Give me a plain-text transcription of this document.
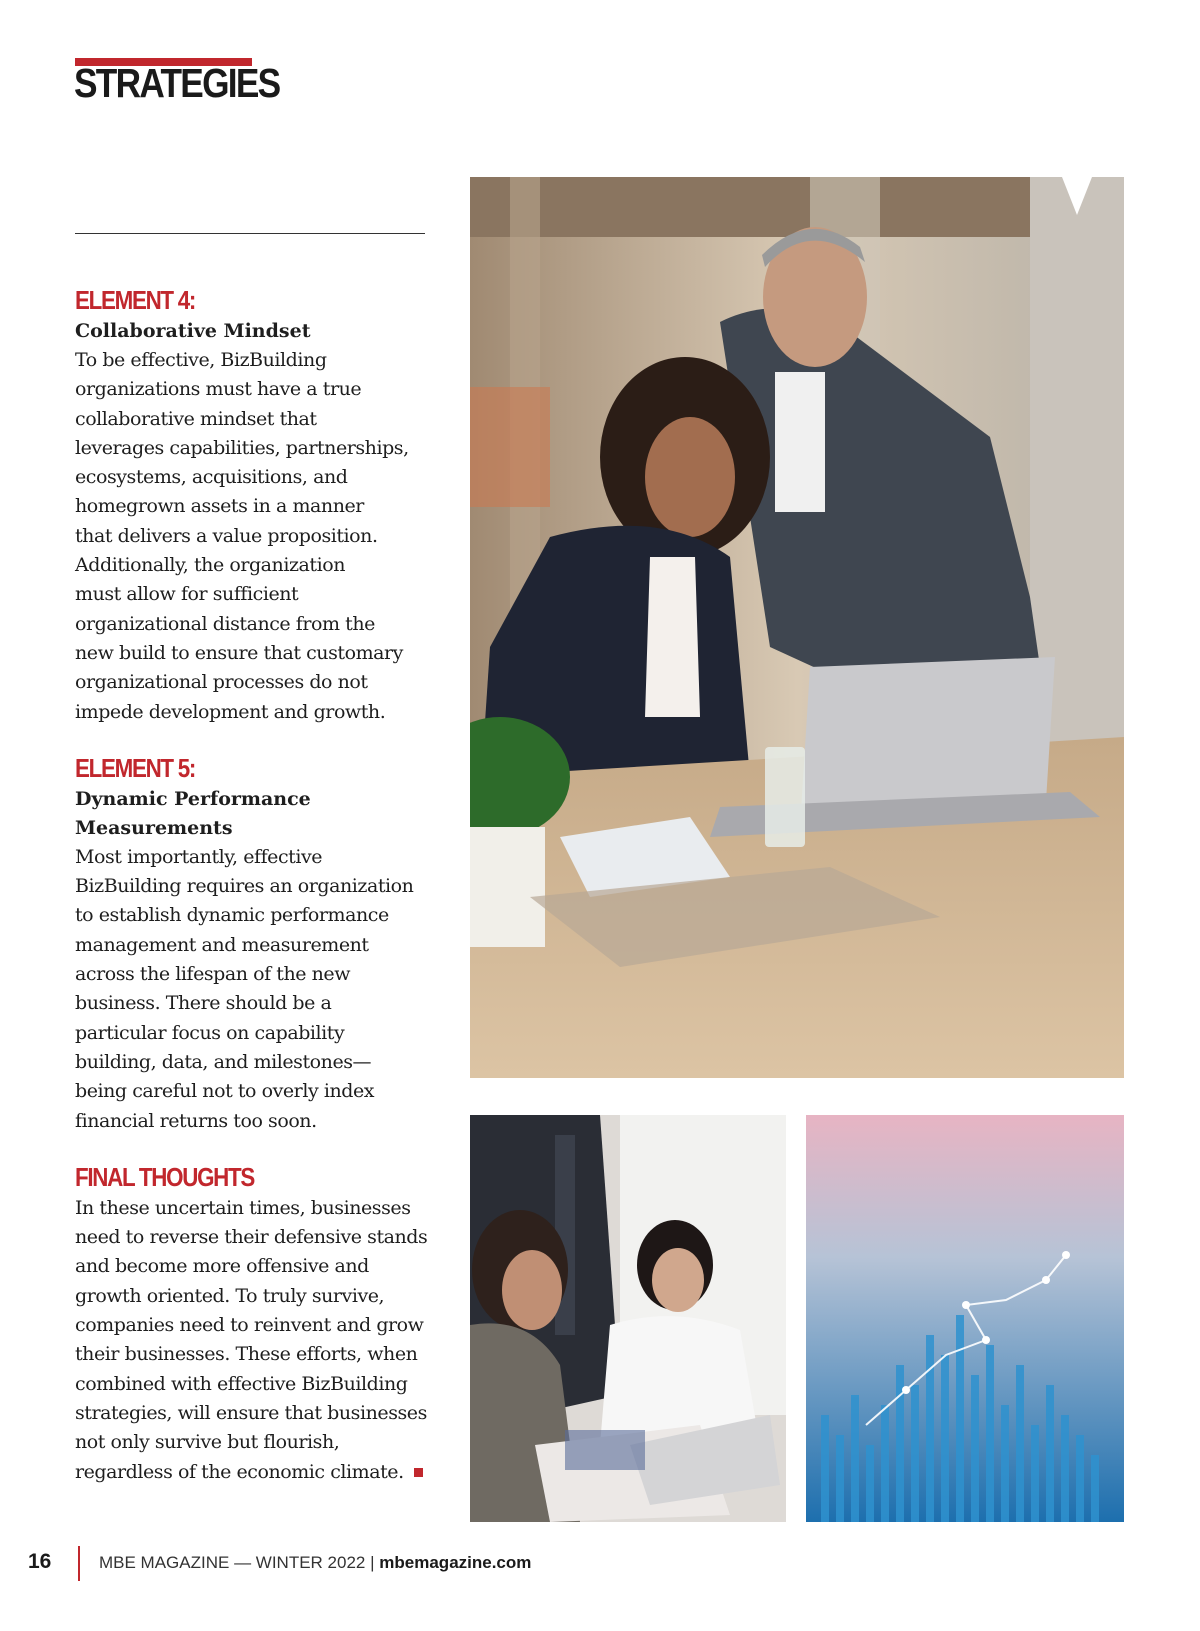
STRATEGIES
ELEMENT 4:

Collaborative Mindset

To be effective, BizBuilding
organizations must have a true
collaborative mindset that
leverages capabilities, partnerships,
ecosystems, acquisitions, and
homegrown assets in a manner
that delivers a value proposition.
Additionally, the organization
must allow for sufficient
organizational distance from the
new build to ensure that customary
organizational processes do not
impede development and growth.
ELEMENT 5:

Dynamic Performance

Measurements

Most importantly, effective
BizBuilding requires an organization
to establish dynamic performance
management and measurement
across the lifespan of the new
business. There should be a
particular focus on capability
building, data, and milestones—
being careful not to overly index
financial returns too soon.
FINAL THOUGHTS
In these uncertain times, businesses
need to reverse their defensive stands
and become more offensive and
growth oriented. To truly survive,
companies need to reinvent and grow
their businesses. These efforts, when
combined with effective BizBuilding
strategies, will ensure that businesses
not only survive but flourish,
regardless of the economic climate.
16	MBE MAGAZINE — WINTER 2022 | mbemagazine.com
